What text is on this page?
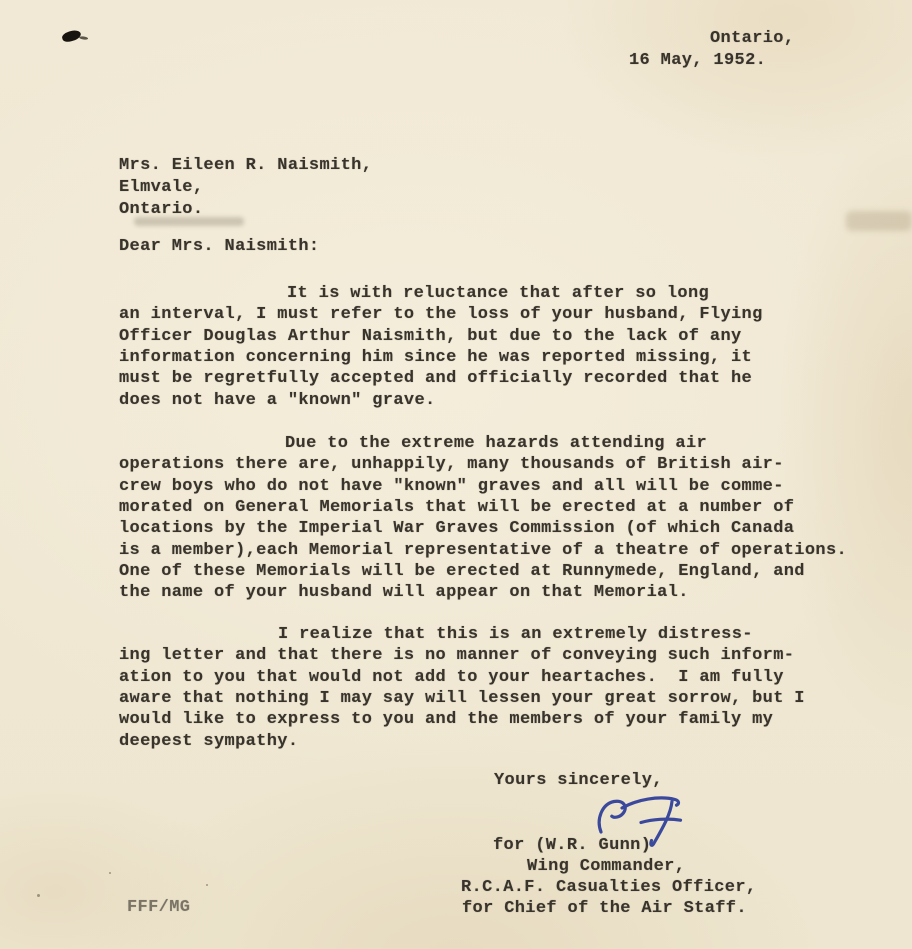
Ontario,
16 May, 1952.
Mrs. Eileen R. Naismith,
Elmvale,
Ontario.
Dear Mrs. Naismith:
It is with reluctance that after so long
an interval, I must refer to the loss of your husband, Flying
Officer Douglas Arthur Naismith, but due to the lack of any
information concerning him since he was reported missing, it
must be regretfully accepted and officially recorded that he
does not have a "known" grave.
Due to the extreme hazards attending air
operations there are, unhappily, many thousands of British air-
crew boys who do not have "known" graves and all will be comme-
morated on General Memorials that will be erected at a number of
locations by the Imperial War Graves Commission (of which Canada
is a member),each Memorial representative of a theatre of operations.
One of these Memorials will be erected at Runnymede, England, and
the name of your husband will appear on that Memorial.
I realize that this is an extremely distress-
ing letter and that there is no manner of conveying such inform-
ation to you that would not add to your heartaches.  I am fully
aware that nothing I may say will lessen your great sorrow, but I
would like to express to you and the members of your family my
deepest sympathy.
Yours sincerely,
for (W.R. Gunn)
Wing Commander,
R.C.A.F. Casualties Officer,
for Chief of the Air Staff.
FFF/MG
